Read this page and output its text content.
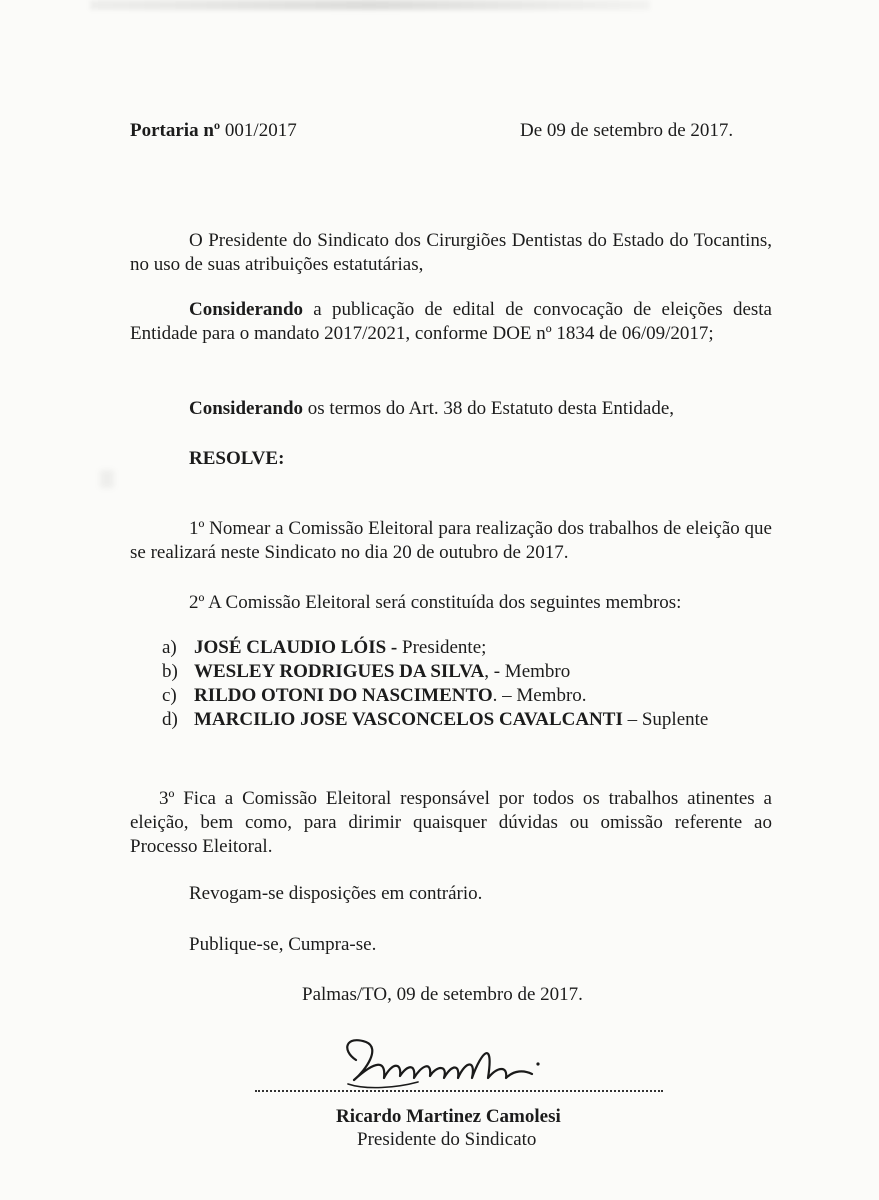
Portaria nº 001/2017	De 09 de setembro de 2017.

O Presidente do Sindicato dos Cirurgiões Dentistas do Estado do Tocantins, no uso de suas atribuições estatutárias,

Considerando a publicação de edital de convocação de eleições desta Entidade para o mandato 2017/2021, conforme DOE nº 1834 de 06/09/2017;

Considerando os termos do Art. 38 do Estatuto desta Entidade,

RESOLVE:

1º Nomear a Comissão Eleitoral para realização dos trabalhos de eleição que se realizará neste Sindicato no dia 20 de outubro de 2017.

2º A Comissão Eleitoral será constituída dos seguintes membros:

a) JOSÉ CLAUDIO LÓIS - Presidente;
b) WESLEY RODRIGUES DA SILVA, - Membro
c) RILDO OTONI DO NASCIMENTO. – Membro.
d) MARCILIO JOSE VASCONCELOS CAVALCANTI – Suplente

3º Fica a Comissão Eleitoral responsável por todos os trabalhos atinentes a eleição, bem como, para dirimir quaisquer dúvidas ou omissão referente ao Processo Eleitoral.

Revogam-se disposições em contrário.

Publique-se, Cumpra-se.

Palmas/TO, 09 de setembro de 2017.

Ricardo Martinez Camolesi
Presidente do Sindicato
